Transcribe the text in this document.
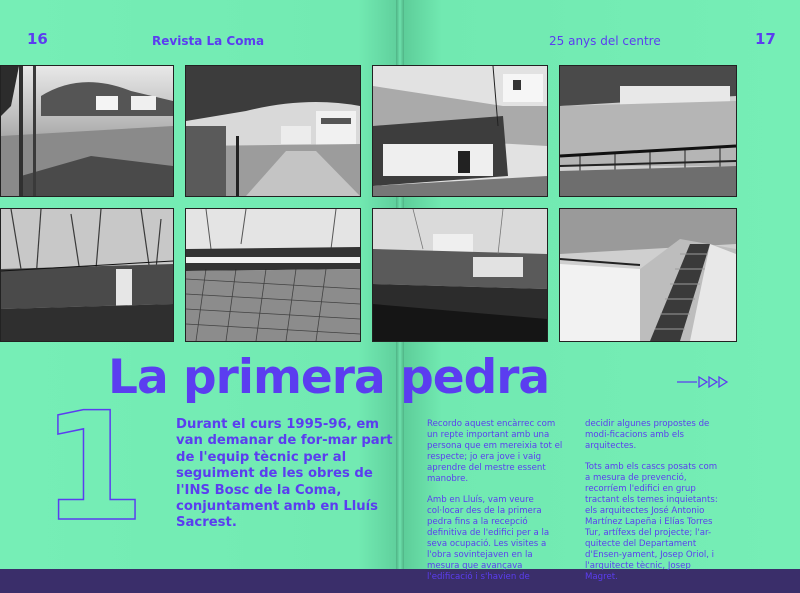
16	Revista La Coma	25 anys del centre	17
La primera pedra
1 Durant el curs 1995-96, em van demanar de for-mar part de l'equip tècnic per al seguiment de les obres de l'INS Bosc de la Coma, conjuntament amb en Lluís Sacrest.

Recordo aquest encàrrec com un repte important amb una persona que em mereixia tot el respecte; jo era jove i vaig aprendre del mestre essent manobre.

Amb en Lluís, vam veure col·locar des de la primera pedra fins a la recepció definitiva de l'edifici per a la seva ocupació. Les visites a l'obra sovintejaven en la mesura que avançava l'edificació i s'havien de

decidir algunes propostes de modi-ficacions amb els arquitectes.

Tots amb els cascs posats com a mesura de prevenció, recorríem l'edifici en grup tractant els temes inquietants: els arquitectes José Antonio Martínez Lapeña i Elías Torres Tur, artífexs del projecte; l'ar-quitecte del Departament d'Ensen-yament, Josep Oriol, i l'arquitecte tècnic, Josep Magret.
